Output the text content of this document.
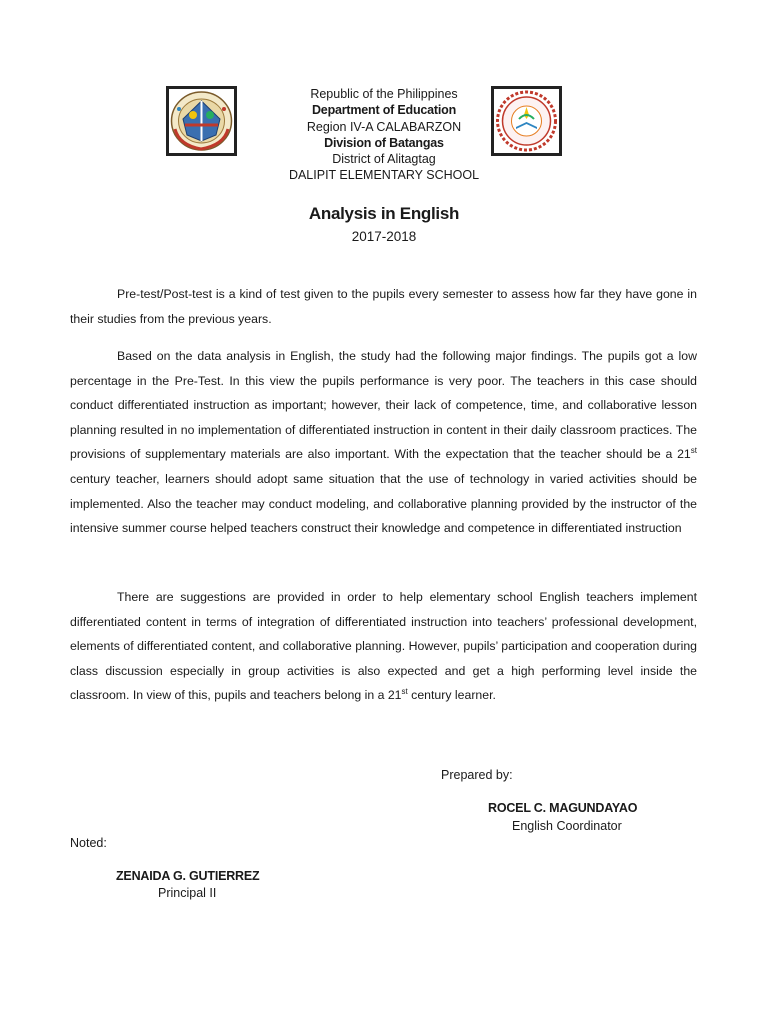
Republic of the Philippines
Department of Education
Region IV-A CALABARZON
Division of Batangas
District of Alitagtag
DALIPIT ELEMENTARY SCHOOL
Analysis in English
2017-2018

Pre-test/Post-test is a kind of test given to the pupils every semester to assess how far they have gone in their studies from the previous years.

Based on the data analysis in English, the study had the following major findings. The pupils got a low percentage in the Pre-Test. In this view the pupils performance is very poor. The teachers in this case should conduct differentiated instruction as important; however, their lack of competence, time, and collaborative lesson planning resulted in no implementation of differentiated instruction in content in their daily classroom practices. The provisions of supplementary materials are also important. With the expectation that the teacher should be a 21st century teacher, learners should adopt same situation that the use of technology in varied activities should be implemented. Also the teacher may conduct modeling, and collaborative planning provided by the instructor of the intensive summer course helped teachers construct their knowledge and competence in differentiated instruction

There are suggestions are provided in order to help elementary school English teachers implement differentiated content in terms of integration of differentiated instruction into teachers’ professional development, elements of differentiated content, and collaborative planning. However, pupils’ participation and cooperation during class discussion especially in group activities is also expected and get a high performing level inside the classroom. In view of this, pupils and teachers belong in a 21st century learner.

Prepared by:
ROCEL C. MAGUNDAYAO
English Coordinator
Noted:
ZENAIDA G. GUTIERREZ
Principal II
